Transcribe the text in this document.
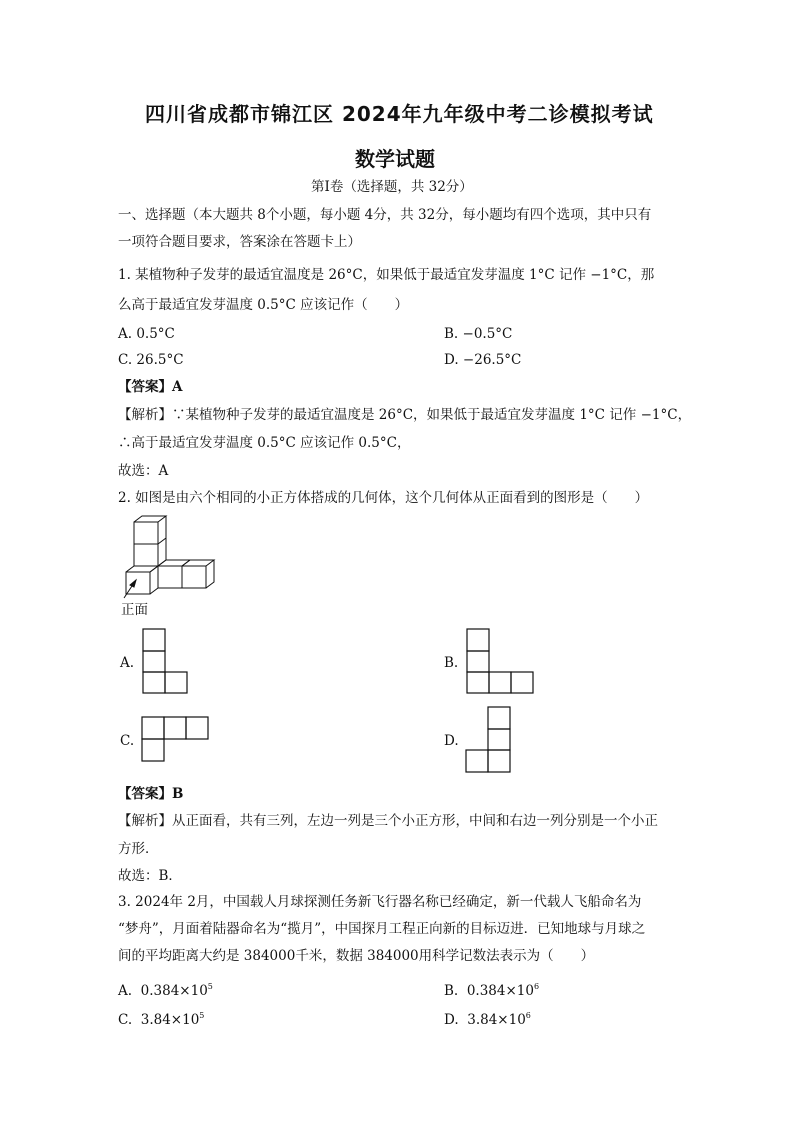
四川省成都市锦江区 2024年九年级中考二诊模拟考试
数学试题
第Ⅰ卷（选择题，共 32分）
一、选择题（本大题共 8个小题，每小题 4分，共 32分，每小题均有四个选项，其中只有
一项符合题目要求，答案涂在答题卡上）
1. 某植物种子发芽的最适宜温度是 26°C，如果低于最适宜发芽温度 1°C 记作 −1°C，那
么高于最适宜发芽温度 0.5°C 应该记作（　　）
A. 0.5°C	B. −0.5°C
C. 26.5°C	D. −26.5°C
【答案】A
【解析】∵某植物种子发芽的最适宜温度是 26°C，如果低于最适宜发芽温度 1°C 记作 −1°C，
∴高于最适宜发芽温度 0.5°C 应该记作 0.5°C，
故选：A
2. 如图是由六个相同的小正方体搭成的几何体，这个几何体从正面看到的图形是（　　）
正面
A.	B.
C.	D.
【答案】B
【解析】从正面看，共有三列，左边一列是三个小正方形，中间和右边一列分别是一个小正
方形．
故选：B．
3. 2024年 2月，中国载人月球探测任务新飞行器名称已经确定，新一代载人飞船命名为
“梦舟”，月面着陆器命名为“揽月”，中国探月工程正向新的目标迈进．已知地球与月球之
间的平均距离大约是 384000千米，数据 384000用科学记数法表示为（　　）
A. $0.384\times 10^5$	B. $0.384\times 10^6$
C. $3.84\times 10^5$	D. $3.84\times 10^6$
